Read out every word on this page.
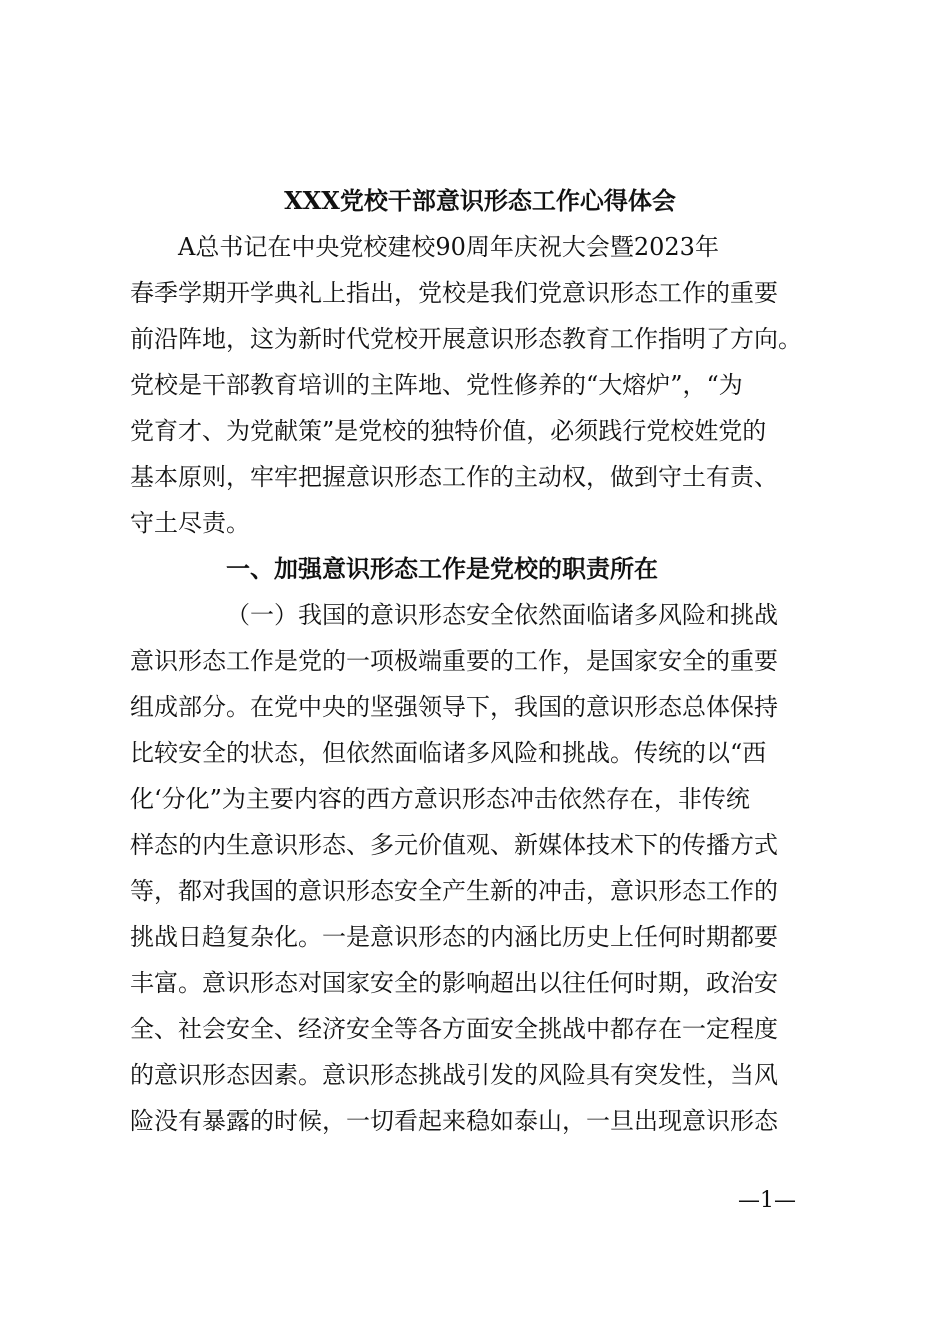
XXX党校干部意识形态工作心得体会
A总书记在中央党校建校90周年庆祝大会暨2023年
春季学期开学典礼上指出，党校是我们党意识形态工作的重要
前沿阵地，这为新时代党校开展意识形态教育工作指明了方向。
党校是干部教育培训的主阵地、党性修养的“大熔炉”，“为
党育才、为党献策”是党校的独特价值，必须践行党校姓党的
基本原则，牢牢把握意识形态工作的主动权，做到守土有责、
守土尽责。
一、加强意识形态工作是党校的职责所在
（一）我国的意识形态安全依然面临诸多风险和挑战
意识形态工作是党的一项极端重要的工作，是国家安全的重要
组成部分。在党中央的坚强领导下，我国的意识形态总体保持
比较安全的状态，但依然面临诸多风险和挑战。传统的以“西
化‘分化”为主要内容的西方意识形态冲击依然存在，非传统
样态的内生意识形态、多元价值观、新媒体技术下的传播方式
等，都对我国的意识形态安全产生新的冲击，意识形态工作的
挑战日趋复杂化。一是意识形态的内涵比历史上任何时期都要
丰富。意识形态对国家安全的影响超出以往任何时期，政治安
全、社会安全、经济安全等各方面安全挑战中都存在一定程度
的意识形态因素。意识形态挑战引发的风险具有突发性，当风
险没有暴露的时候，一切看起来稳如泰山，一旦出现意识形态
—1—
